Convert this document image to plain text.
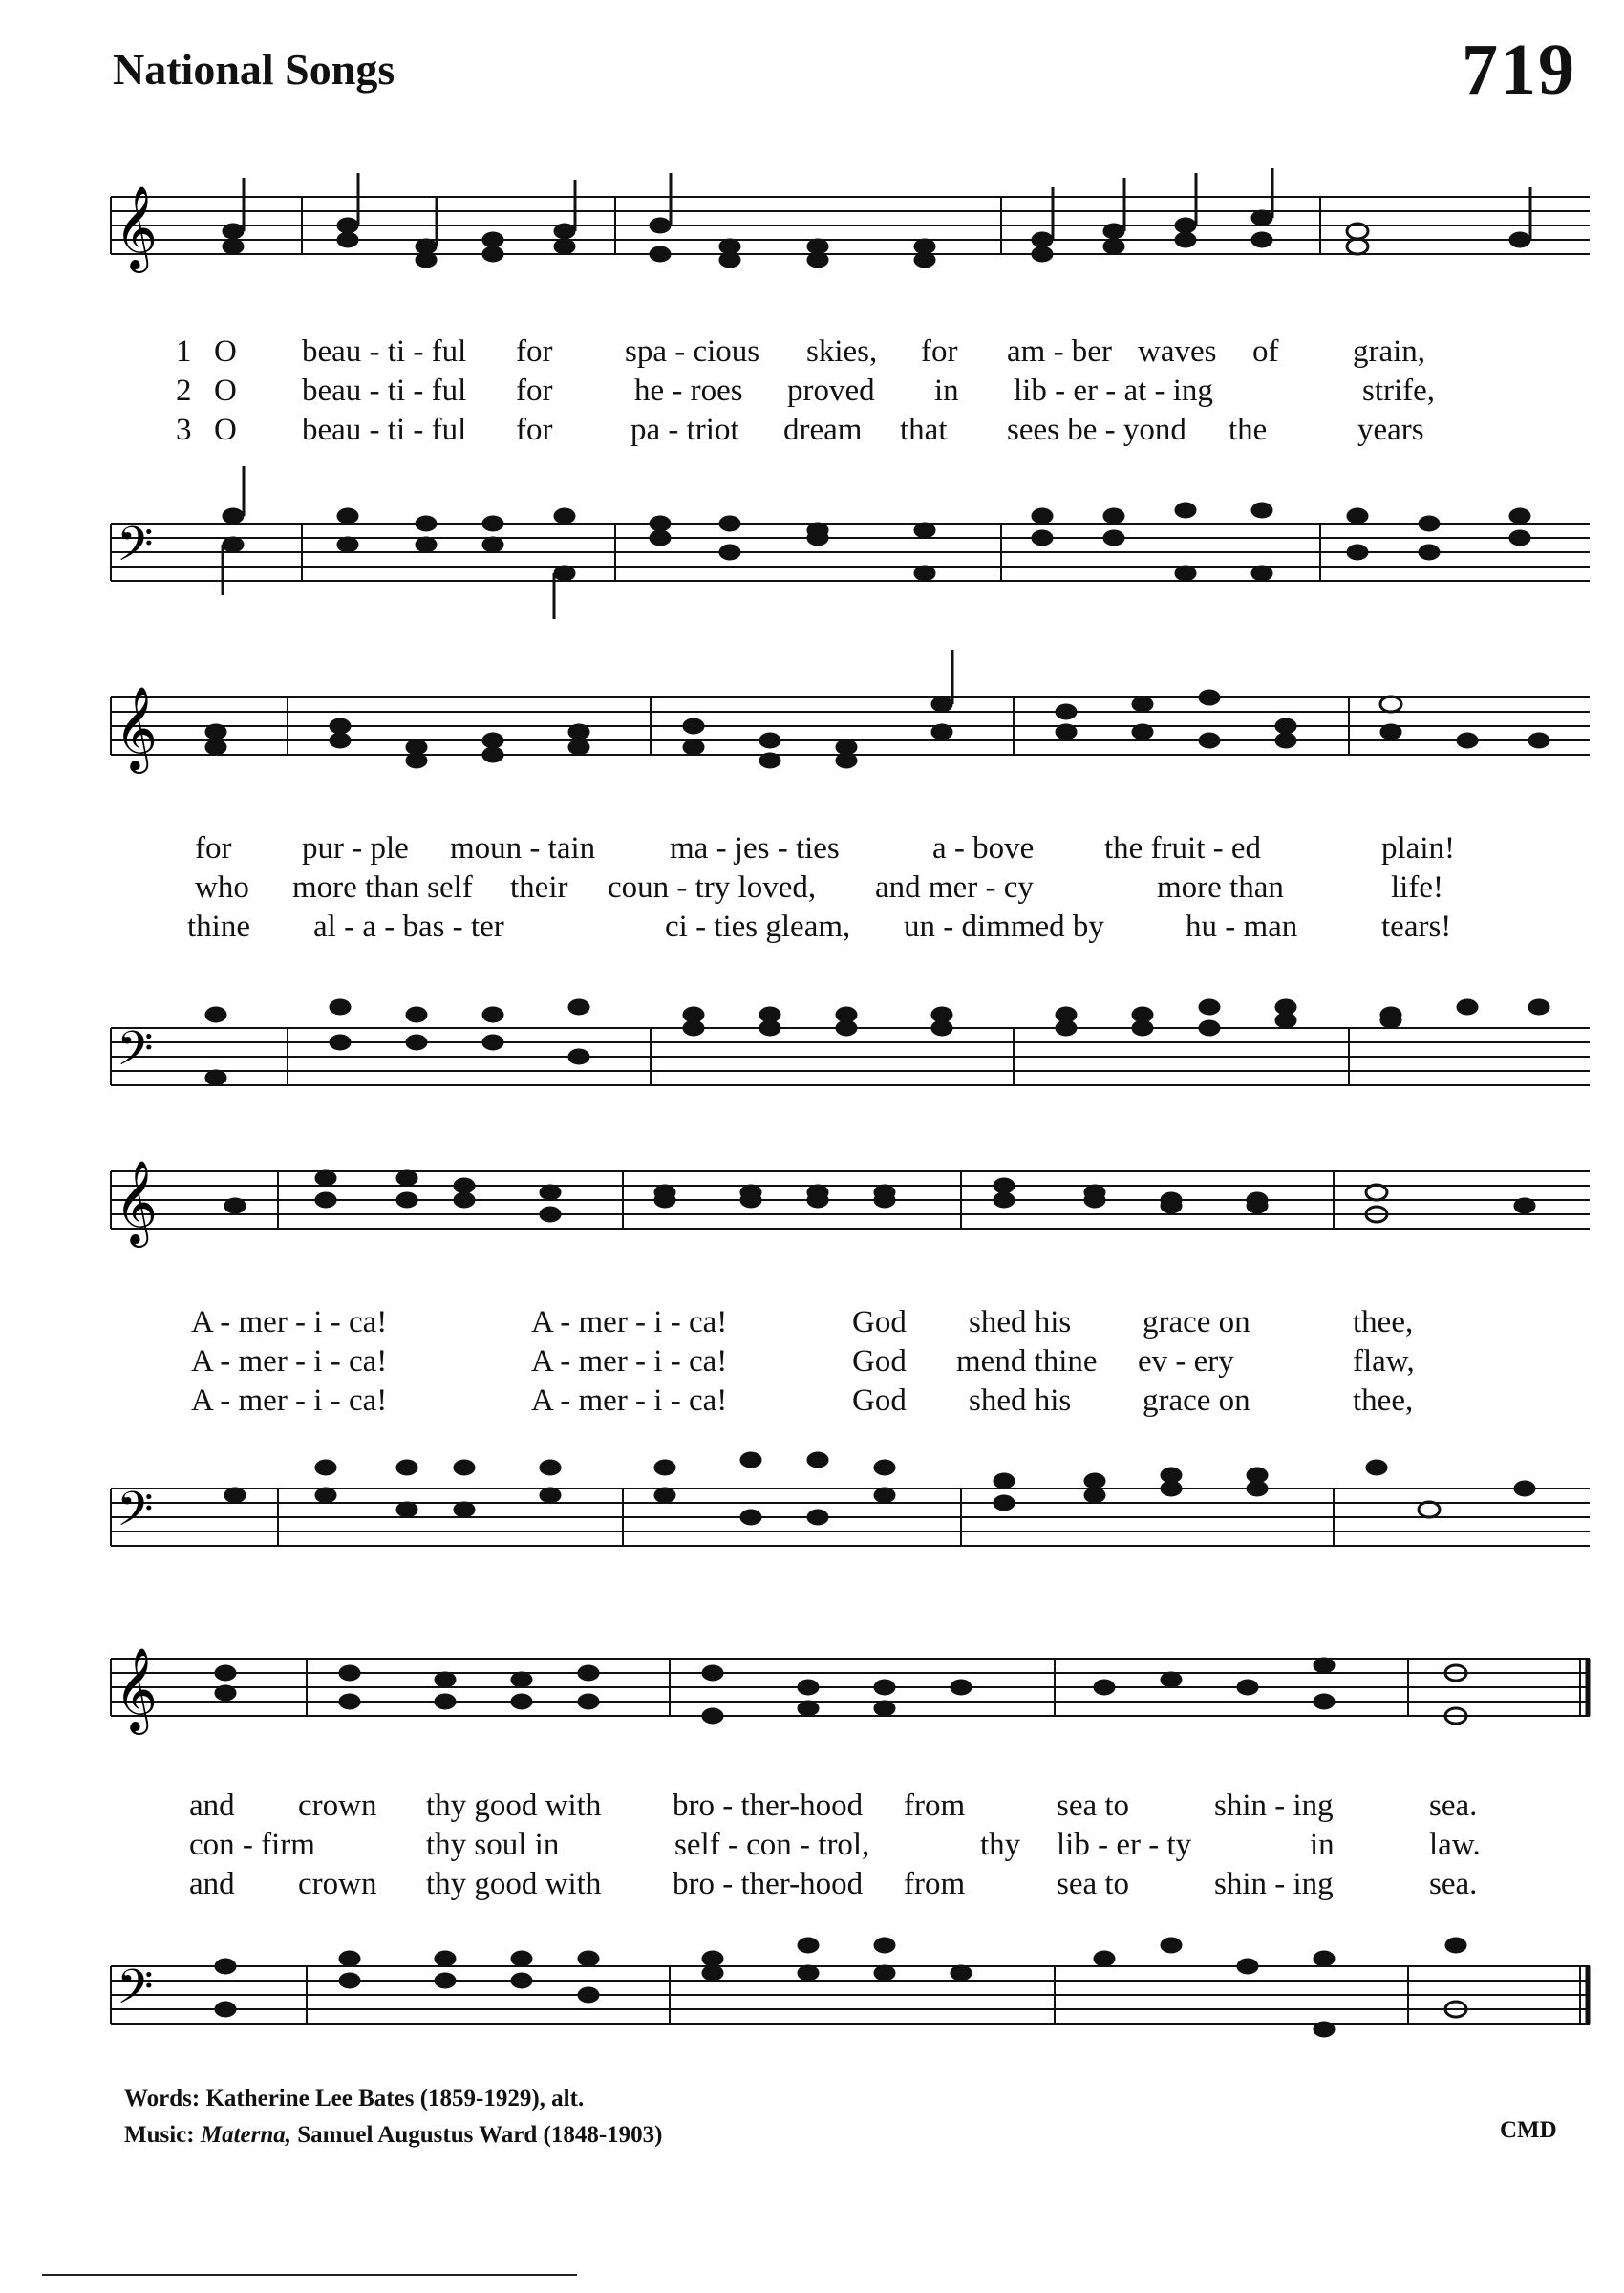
National Songs	719
𝄞
1 O beau - ti - ful for spa - cious skies, for am - ber waves of grain,
2 O beau - ti - ful for	he - roes proved in lib - er - at - ing	strife,
3 O beau - ti - ful for pa - triot dream that sees be - yond the	years
𝄢
𝄞
for pur - ple moun - tain ma - jes - ties	a - bove the fruit - ed	plain!
who more than self their coun - try loved, and mer - cy	more than	life!
thine al - a - bas - ter	ci - ties gleam, un - dimmed by	hu - man	tears!
𝄢
𝄞
A - mer - i - ca!	A - mer - i - ca!	God shed his grace on	thee,
A - mer - i - ca!	A - mer - i - ca!	God mend thine ev - ery	flaw,
A - mer - i - ca!	A - mer - i - ca!	God shed his grace on	thee,
𝄢
𝄞
and crown thy good with bro - ther-hood from	sea to	shin - ing	sea.
con - firm	thy soul in	self - con - trol,	thy lib - er - ty	in	law.
and crown thy good with bro - ther-hood from	sea to	shin - ing	sea.
𝄢
Words: Katherine Lee Bates (1859-1929), alt.
Music: Materna, Samuel Augustus Ward (1848-1903)	CMD
